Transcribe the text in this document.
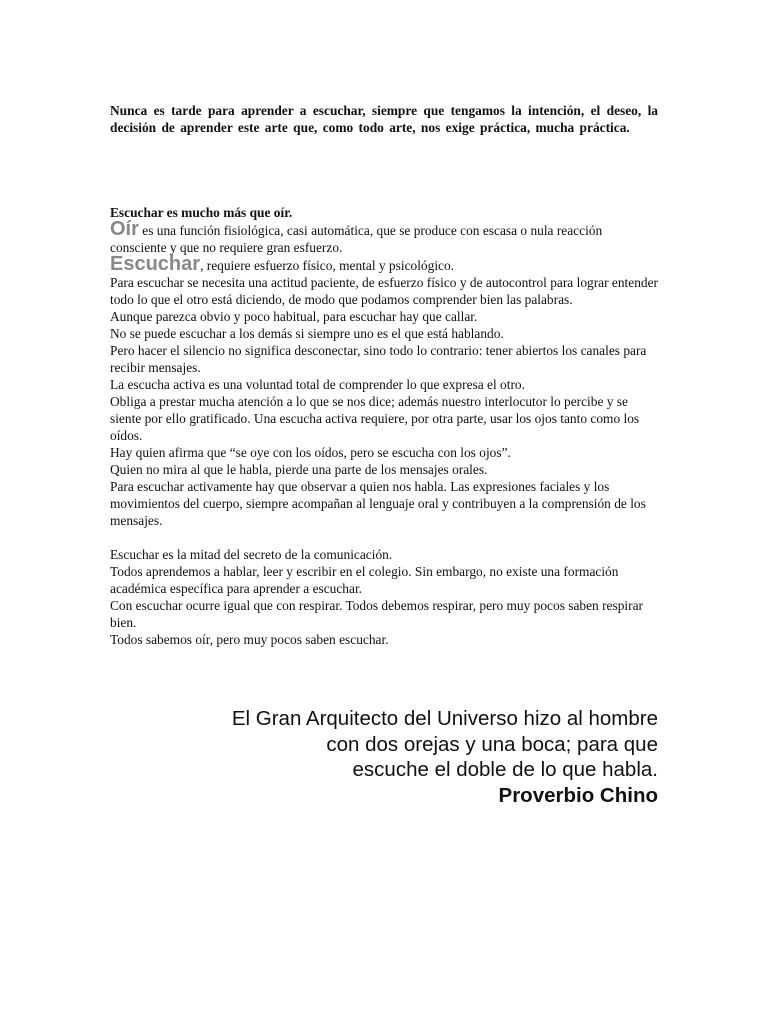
Nunca es tarde para aprender a escuchar, siempre que tengamos la intención, el deseo, la decisión de aprender este arte que, como todo arte, nos exige práctica, mucha práctica.

Escuchar es mucho más que oír.

Oír es una función fisiológica, casi automática, que se produce con escasa o nula reacción consciente y que no requiere gran esfuerzo.

Escuchar, requiere esfuerzo físico, mental y psicológico.

Para escuchar se necesita una actitud paciente, de esfuerzo físico y de autocontrol para lograr entender todo lo que el otro está diciendo, de modo que podamos comprender bien las palabras.

Aunque parezca obvio y poco habitual, para escuchar hay que callar.

No se puede escuchar a los demás si siempre uno es el que está hablando.

Pero hacer el silencio no significa desconectar, sino todo lo contrario: tener abiertos los canales para recibir mensajes.

La escucha activa es una voluntad total de comprender lo que expresa el otro.

Obliga a prestar mucha atención a lo que se nos dice; además nuestro interlocutor lo percibe y se siente por ello gratificado. Una escucha activa requiere, por otra parte, usar los ojos tanto como los oídos.

Hay quien afirma que “se oye con los oídos, pero se escucha con los ojos”.

Quien no mira al que le habla, pierde una parte de los mensajes orales.

Para escuchar activamente hay que observar a quien nos habla. Las expresiones faciales y los movimientos del cuerpo, siempre acompañan al lenguaje oral y contribuyen a la comprensión de los mensajes.

Escuchar es la mitad del secreto de la comunicación.

Todos aprendemos a hablar, leer y escribir en el colegio. Sin embargo, no existe una formación académica específica para aprender a escuchar.

Con escuchar ocurre igual que con respirar. Todos debemos respirar, pero muy pocos saben respirar bien.

Todos sabemos oír, pero muy pocos saben escuchar.

El Gran Arquitecto del Universo hizo al hombre
con dos orejas y una boca; para que
escuche el doble de lo que habla.
Proverbio Chino
